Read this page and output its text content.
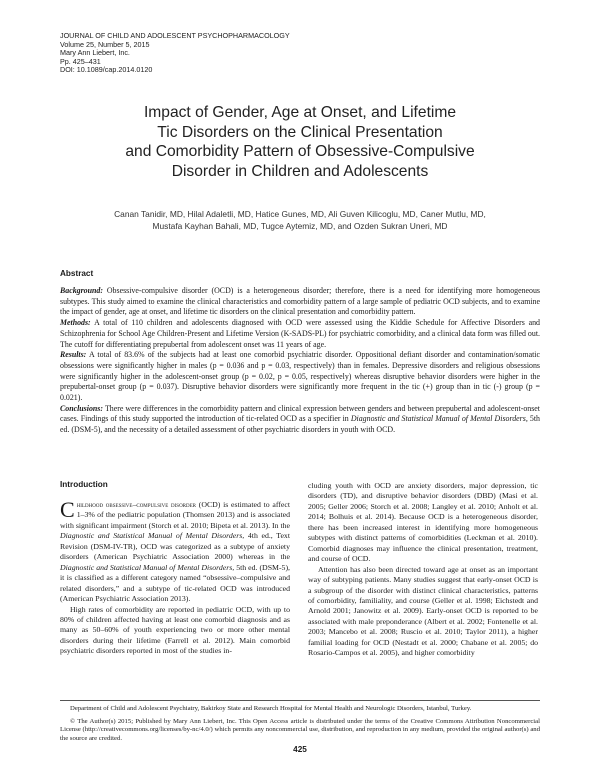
JOURNAL OF CHILD AND ADOLESCENT PSYCHOPHARMACOLOGY
Volume 25, Number 5, 2015
Mary Ann Liebert, Inc.
Pp. 425–431
DOI: 10.1089/cap.2014.0120
Impact of Gender, Age at Onset, and Lifetime
Tic Disorders on the Clinical Presentation
and Comorbidity Pattern of Obsessive-Compulsive
Disorder in Children and Adolescents
Canan Tanidir, MD, Hilal Adaletli, MD, Hatice Gunes, MD, Ali Guven Kilicoglu, MD, Caner Mutlu, MD,
Mustafa Kayhan Bahali, MD, Tugce Aytemiz, MD, and Ozden Sukran Uneri, MD
Abstract

Background: Obsessive-compulsive disorder (OCD) is a heterogeneous disorder; therefore, there is a need for identifying more homogeneous subtypes. This study aimed to examine the clinical characteristics and comorbidity pattern of a large sample of pediatric OCD subjects, and to examine the impact of gender, age at onset, and lifetime tic disorders on the clinical presentation and comorbidity pattern.

Methods: A total of 110 children and adolescents diagnosed with OCD were assessed using the Kiddie Schedule for Affective Disorders and Schizophrenia for School Age Children-Present and Lifetime Version (K-SADS-PL) for psychiatric comorbidity, and a clinical data form was filled out. The cutoff for differentiating prepubertal from adolescent onset was 11 years of age.

Results: A total of 83.6% of the subjects had at least one comorbid psychiatric disorder. Oppositional defiant disorder and contamination/somatic obsessions were significantly higher in males (p = 0.036 and p = 0.03, respectively) than in females. Depressive disorders and religious obsessions were significantly higher in the adolescent-onset group (p = 0.02, p = 0.05, respectively) whereas disruptive behavior disorders were higher in the prepubertal-onset group (p = 0.037). Disruptive behavior disorders were significantly more frequent in the tic (+) group than in tic (-) group (p = 0.021).

Conclusions: There were differences in the comorbidity pattern and clinical expression between genders and between prepubertal and adolescent-onset cases. Findings of this study supported the introduction of tic-related OCD as a specifier in Diagnostic and Statistical Manual of Mental Disorders, 5th ed. (DSM-5), and the necessity of a detailed assessment of other psychiatric disorders in youth with OCD.

Introduction

Childhood obsessive–compulsive disorder (OCD) is estimated to affect 1–3% of the pediatric population (Thomsen 2013) and is associated with significant impairment (Storch et al. 2010; Bipeta et al. 2013). In the Diagnostic and Statistical Manual of Mental Disorders, 4th ed., Text Revision (DSM-IV-TR), OCD was categorized as a subtype of anxiety disorders (American Psychiatric Association 2000) whereas in the Diagnostic and Statistical Manual of Mental Disorders, 5th ed. (DSM-5), it is classified as a different category named “obsessive–compulsive and related disorders,” and a subtype of tic-related OCD was introduced (American Psychiatric Association 2013).

High rates of comorbidity are reported in pediatric OCD, with up to 80% of children affected having at least one comorbid diagnosis and as many as 50–60% of youth experiencing two or more other mental disorders during their lifetime (Farrell et al. 2012). Main comorbid psychiatric disorders reported in most of the studies in-

cluding youth with OCD are anxiety disorders, major depression, tic disorders (TD), and disruptive behavior disorders (DBD) (Masi et al. 2005; Geller 2006; Storch et al. 2008; Langley et al. 2010; Anholt et al. 2014; Bolhuis et al. 2014). Because OCD is a heterogeneous disorder, there has been increased interest in identifying more homogeneous subtypes with distinct patterns of comorbidities (Leckman et al. 2010). Comorbid diagnoses may influence the clinical presentation, treatment, and course of OCD.

Attention has also been directed toward age at onset as an important way of subtyping patients. Many studies suggest that early-onset OCD is a subgroup of the disorder with distinct clinical characteristics, patterns of comorbidity, familiality, and course (Geller et al. 1998; Eichstedt and Arnold 2001; Janowitz et al. 2009). Early-onset OCD is reported to be associated with male preponderance (Albert et al. 2002; Fontenelle et al. 2003; Mancebo et al. 2008; Ruscio et al. 2010; Taylor 2011), a higher familial loading for OCD (Nestadt et al. 2000; Chabane et al. 2005; do Rosario-Campos et al. 2005), and higher comorbidity

Department of Child and Adolescent Psychiatry, Bakirkoy State and Research Hospital for Mental Health and Neurologic Disorders, Istanbul, Turkey.
© The Author(s) 2015; Published by Mary Ann Liebert, Inc. This Open Access article is distributed under the terms of the Creative Commons Attribution Noncommercial License (http://creativecommons.org/licenses/by-nc/4.0/) which permits any noncommercial use, distribution, and reproduction in any medium, provided the original author(s) and the source are credited.
425
